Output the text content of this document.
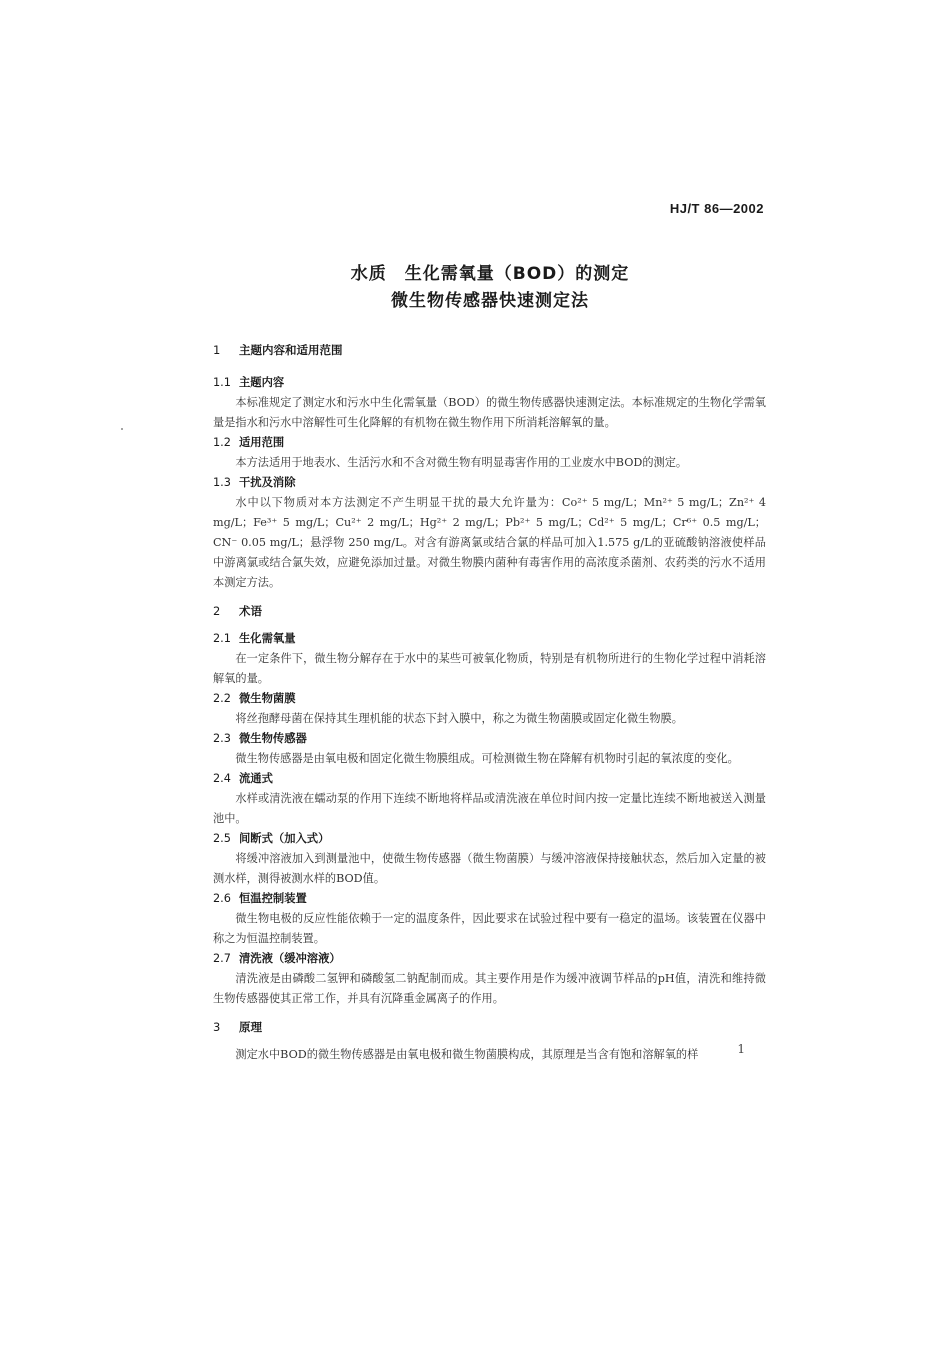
HJ/T 86—2002
水质　生化需氧量（BOD）的测定
微生物传感器快速测定法

1 主题内容和适用范围

1.1 主题内容

本标准规定了测定水和污水中生化需氧量（BOD）的微生物传感器快速测定法。本标准规定的生物化学需氧量是指水和污水中溶解性可生化降解的有机物在微生物作用下所消耗溶解氧的量。

1.2 适用范围

本方法适用于地表水、生活污水和不含对微生物有明显毒害作用的工业废水中BOD的测定。

1.3 干扰及消除

水中以下物质对本方法测定不产生明显干扰的最大允许量为：Co²⁺ 5 mg/L；Mn²⁺ 5 mg/L；Zn²⁺ 4 mg/L；Fe³⁺ 5 mg/L；Cu²⁺ 2 mg/L；Hg²⁺ 2 mg/L；Pb²⁺ 5 mg/L；Cd²⁺ 5 mg/L；Cr⁶⁺ 0.5 mg/L；CN⁻ 0.05 mg/L；悬浮物 250 mg/L。对含有游离氯或结合氯的样品可加入1.575 g/L的亚硫酸钠溶液使样品中游离氯或结合氯失效，应避免添加过量。对微生物膜内菌种有毒害作用的高浓度杀菌剂、农药类的污水不适用本测定方法。

2 术语

2.1 生化需氧量

在一定条件下，微生物分解存在于水中的某些可被氧化物质，特别是有机物所进行的生物化学过程中消耗溶解氧的量。

2.2 微生物菌膜

将丝孢酵母菌在保持其生理机能的状态下封入膜中，称之为微生物菌膜或固定化微生物膜。

2.3 微生物传感器

微生物传感器是由氧电极和固定化微生物膜组成。可检测微生物在降解有机物时引起的氧浓度的变化。

2.4 流通式

水样或清洗液在蠕动泵的作用下连续不断地将样品或清洗液在单位时间内按一定量比连续不断地被送入测量池中。

2.5 间断式（加入式）

将缓冲溶液加入到测量池中，使微生物传感器（微生物菌膜）与缓冲溶液保持接触状态，然后加入定量的被测水样，测得被测水样的BOD值。

2.6 恒温控制装置

微生物电极的反应性能依赖于一定的温度条件，因此要求在试验过程中要有一稳定的温场。该装置在仪器中称之为恒温控制装置。

2.7 清洗液（缓冲溶液）

清洗液是由磷酸二氢钾和磷酸氢二钠配制而成。其主要作用是作为缓冲液调节样品的pH值，清洗和维持微生物传感器使其正常工作，并具有沉降重金属离子的作用。

3 原理

测定水中BOD的微生物传感器是由氧电极和微生物菌膜构成，其原理是当含有饱和溶解氧的样	1
